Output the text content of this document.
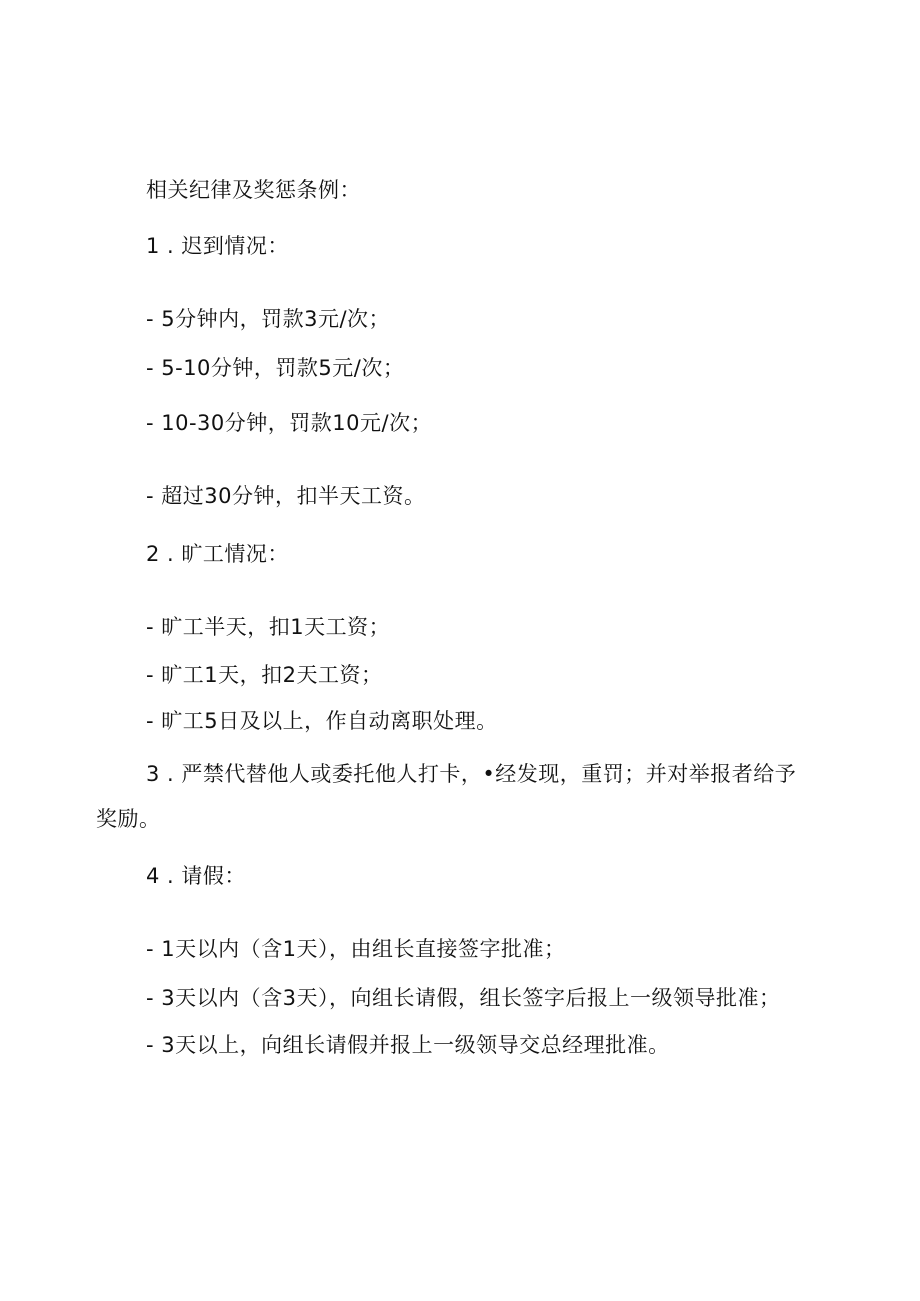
相关纪律及奖惩条例：
1 . 迟到情况：
- 5分钟内，罚款3元/次；
- 5-10分钟，罚款5元/次；
- 10-30分钟，罚款10元/次；
- 超过30分钟，扣半天工资。
2 . 旷工情况：
- 旷工半天，扣1天工资；
- 旷工1天，扣2天工资；
- 旷工5日及以上，作自动离职处理。
3 . 严禁代替他人或委托他人打卡，•经发现，重罚；并对举报者给予
奖励。
4 . 请假：
- 1天以内（含1天），由组长直接签字批准；
- 3天以内（含3天），向组长请假，组长签字后报上一级领导批准；
- 3天以上，向组长请假并报上一级领导交总经理批准。
